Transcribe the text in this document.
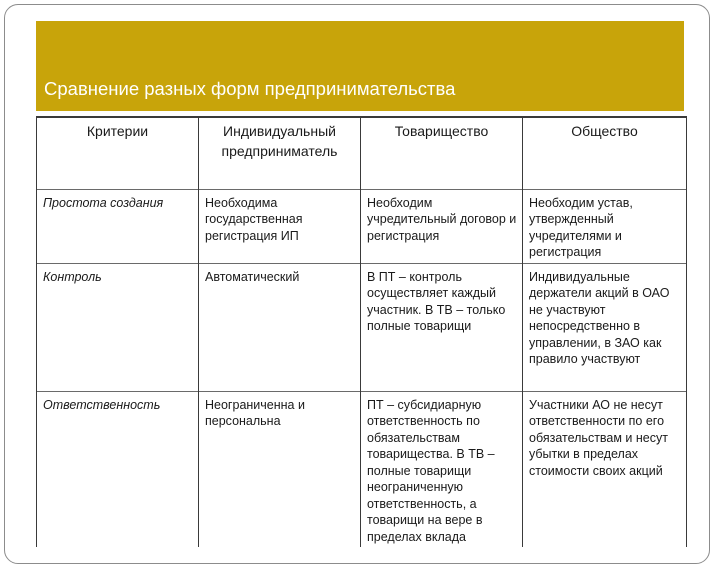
Сравнение разных форм предпринимательства
Критерии	Индивидуальный предприниматель	Товарищество	Общество
Простота создания	Необходима государственная регистрация ИП	Необходим учредительный договор и регистрация	Необходим устав, утвержденный учредителями и регистрация
Контроль	Автоматический	В ПТ – контроль осуществляет каждый участник. В ТВ – только полные товарищи	Индивидуальные держатели акций в ОАО не участвуют непосредственно в управлении, в ЗАО как правило участвуют
Ответственность	Неограниченна и персональна	ПТ – субсидиарную ответственность по обязательствам товарищества. В ТВ – полные товарищи неограниченную ответственность, а товарищи на вере в пределах вклада	Участники АО не несут ответственности по его обязательствам и несут убытки в пределах стоимости своих акций
